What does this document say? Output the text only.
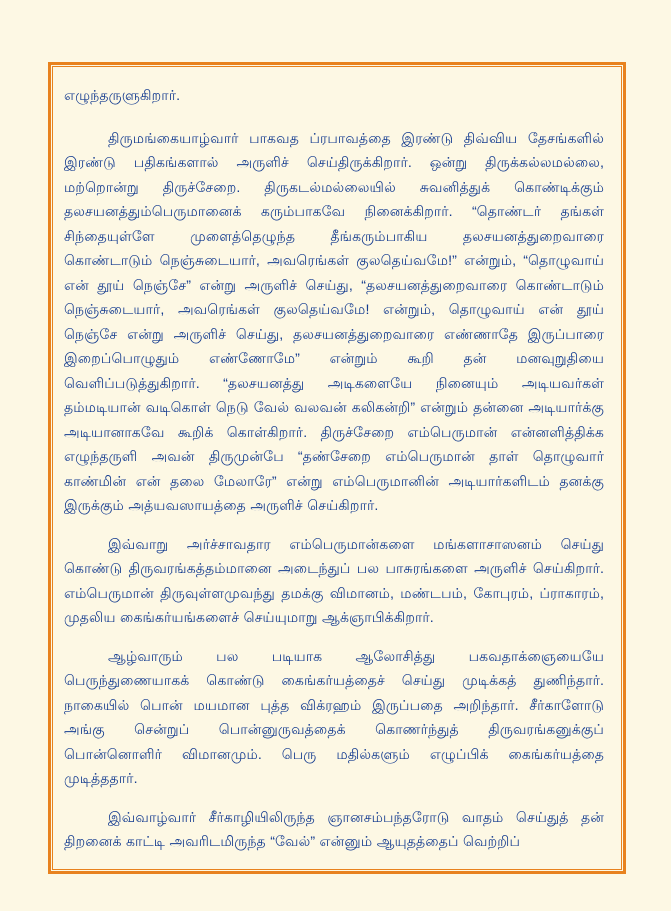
எழுந்தருளுகிறார்.

திருமங்கையாழ்வார் பாகவத ப்ரபாவத்தை இரண்டு திவ்விய தேசங்களில் இரண்டு பதிகங்களால் அருளிச் செய்திருக்கிறார். ஒன்று திருக்கல்லமல்லை, மற்றொன்று திருச்சேறை. திருகடல்மல்லையில் சுவனித்துக் கொண்டிக்கும் தலசயனத்தும்பெருமானைக் கரும்பாகவே நினைக்கிறார். “தொண்டர் தங்கள் சிந்தையுள்ளே முளைத்தெழுந்த தீங்கரும்பாகிய தலசயனத்துறைவாரை கொண்டாடும் நெஞ்சுடையார், அவரெங்கள் குலதெய்வமே!” என்றும், “தொழுவாய் என் தூய் நெஞ்சே” என்று அருளிச் செய்து, “தலசயனத்துறைவாரை கொண்டாடும் நெஞ்சுடையார், அவரெங்கள் குலதெய்வமே! என்றும், தொழுவாய் என் தூய் நெஞ்சே என்று அருளிச் செய்து, தலசயனத்துறைவாரை எண்ணாதே இருப்பாரை இறைப்பொழுதும் எண்ணோமே” என்றும் கூறி தன் மனவுறுதியை வெளிப்படுத்துகிறார். “தலசயனத்து அடிகளையே நினையும் அடியவர்கள் தம்மடியான் வடிகொள் நெடு வேல் வலவன் கலிகன்றி” என்றும் தன்னை அடியார்க்கு அடியானாகவே கூறிக் கொள்கிறார். திருச்சேறை எம்பெருமான் என்னளித்திக்க எழுந்தருளி அவன் திருமுன்பே “தண்சேறை எம்பெருமான் தாள் தொழுவார் காண்மின் என் தலை மேலாரே” என்று எம்பெருமானின் அடியார்களிடம் தனக்கு இருக்கும் அத்யவஸாயத்தை அருளிச் செய்கிறார்.

இவ்வாறு அர்ச்சாவதார எம்பெருமான்களை மங்களாசாஸனம் செய்து கொண்டு திருவரங்கத்தம்மானை அடைந்துப் பல பாசுரங்களை அருளிச் செய்கிறார். எம்பெருமான் திருவுள்ளமுவந்து தமக்கு விமானம், மண்டபம், கோபுரம், ப்ராகாரம், முதலிய கைங்கர்யங்களைச் செய்யுமாறு ஆக்ஞாபிக்கிறார்.

ஆழ்வாரும் பல படியாக ஆலோசித்து பகவதாக்ஞையையே பெருந்துணையாகக் கொண்டு கைங்கர்யத்தைச் செய்து முடிக்கத் துணிந்தார். நாகையில் பொன் மயமான புத்த விக்ரஹம் இருப்பதை அறிந்தார். சீர்காளோடு அங்கு சென்றுப் பொன்னுருவத்தைக் கொணர்ந்துத் திருவரங்கனுக்குப் பொன்னொளிர் விமானமும். பெரு மதில்களும் எழுப்பிக் கைங்கர்யத்தை முடித்ததார்.

இவ்வாழ்வார் சீர்காழியிலிருந்த ஞானசம்பந்தரோடு வாதம் செய்துத் தன் திறனைக் காட்டி அவரிடமிருந்த “வேல்” என்னும் ஆயுதத்தைப் வெற்றிப்
